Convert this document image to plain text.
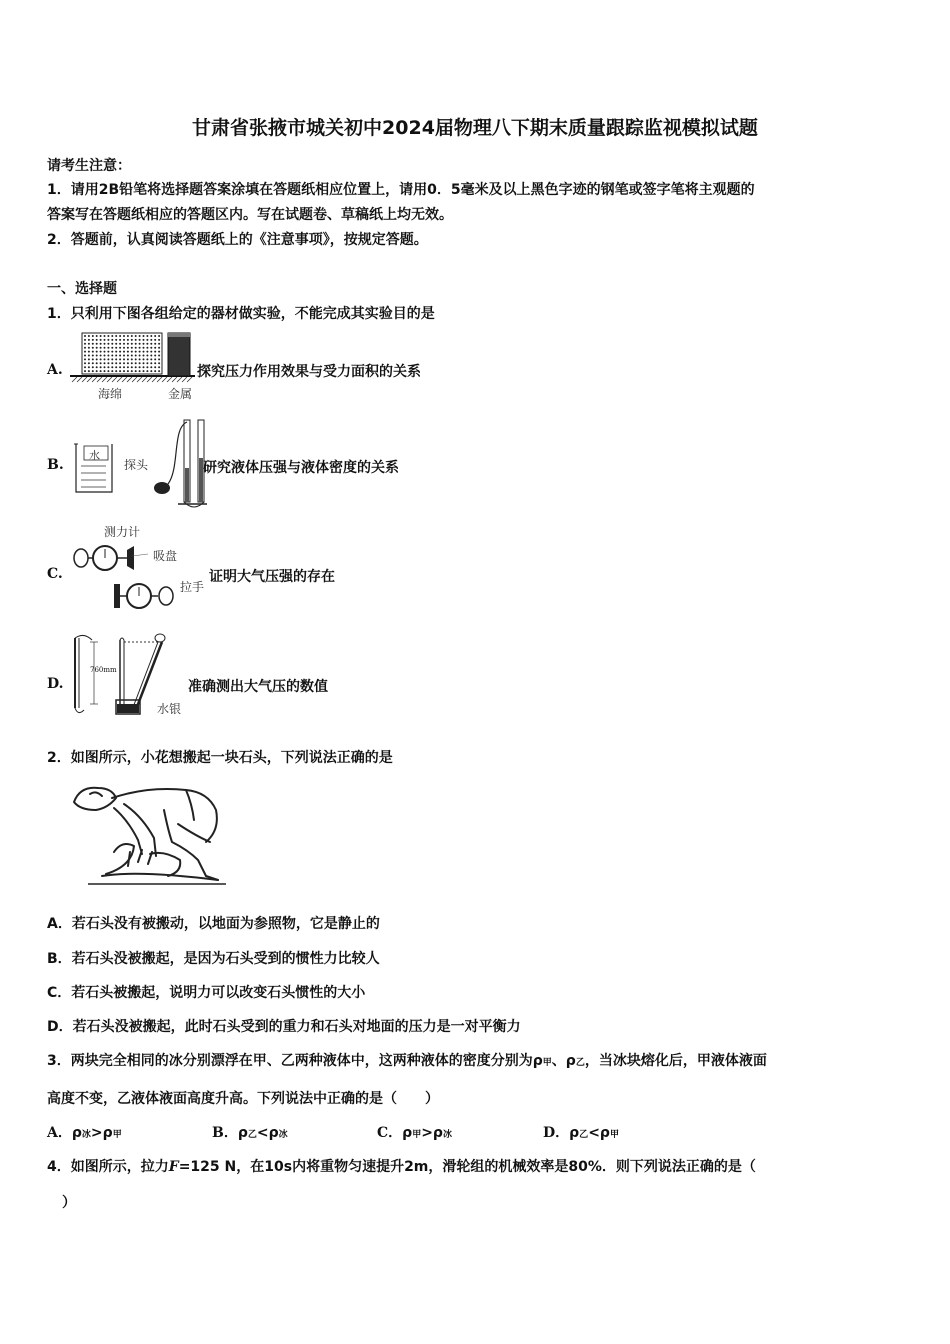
甘肃省张掖市城关初中2024届物理八下期末质量跟踪监视模拟试题
请考生注意：
1．请用2B铅笔将选择题答案涂填在答题纸相应位置上，请用0．5毫米及以上黑色字迹的钢笔或签字笔将主观题的
答案写在答题纸相应的答题区内。写在试题卷、草稿纸上均无效。
2．答题前，认真阅读答题纸上的《注意事项》，按规定答题。
一、选择题
1．只利用下图各组给定的器材做实验，不能完成其实验目的是
A.
海绵	金属
探究压力作用效果与受力面积的关系
B.
水
探头	研究液体压强与液体密度的关系
C.
测力计
吸盘
拉手
证明大气压强的存在
D.
760mm
水银
准确测出大气压的数值
2．如图所示，小花想搬起一块石头，下列说法正确的是
A．若石头没有被搬动，以地面为参照物，它是静止的
B．若石头没被搬起，是因为石头受到的惯性力比较人
C．若石头被搬起，说明力可以改变石头惯性的大小
D．若石头没被搬起，此时石头受到的重力和石头对地面的压力是一对平衡力
3．两块完全相同的冰分别漂浮在甲、乙两种液体中，这两种液体的密度分别为ρ甲、ρ乙，当冰块熔化后，甲液体液面
高度不变，乙液体液面高度升高。下列说法中正确的是（　　）
A．ρ冰>ρ甲	B．ρ乙<ρ冰	C．ρ甲>ρ冰	D．ρ乙<ρ甲
4．如图所示，拉力F=125 N，在10s内将重物匀速提升2m，滑轮组的机械效率是80%．则下列说法正确的是（
）
